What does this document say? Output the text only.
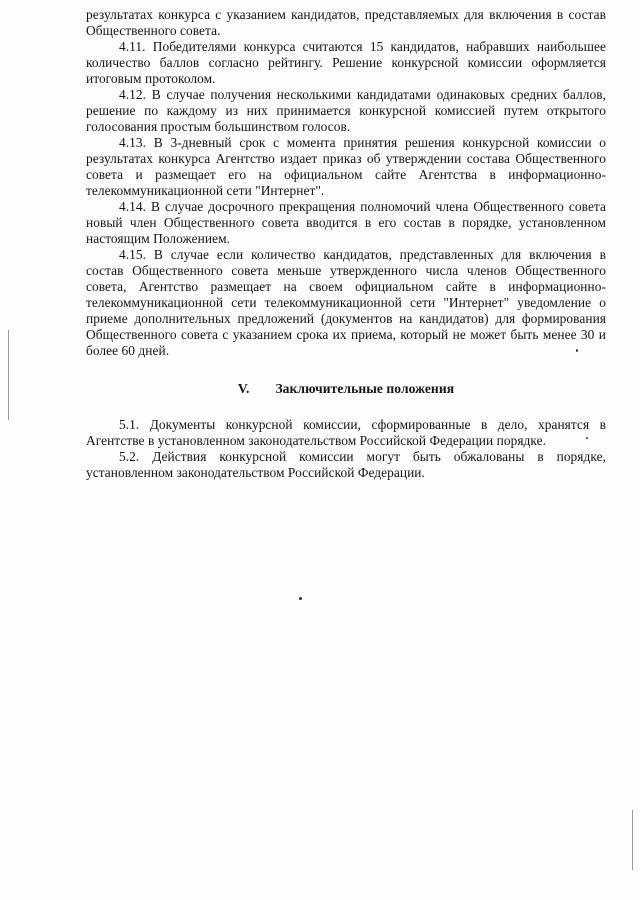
результатах конкурса с указанием кандидатов, представляемых для включения в состав Общественного совета.

4.11. Победителями конкурса считаются 15 кандидатов, набравших наибольшее количество баллов согласно рейтингу. Решение конкурсной комиссии оформляется итоговым протоколом.

4.12. В случае получения несколькими кандидатами одинаковых средних баллов, решение по каждому из них принимается конкурсной комиссией путем открытого голосования простым большинством голосов.

4.13. В 3-дневный срок с момента принятия решения конкурсной комиссии о результатах конкурса Агентство издает приказ об утверждении состава Общественного совета и размещает его на официальном сайте Агентства в информационно-телекоммуникационной сети "Интернет".

4.14. В случае досрочного прекращения полномочий члена Общественного совета новый член Общественного совета вводится в его состав в порядке, установленном настоящим Положением.

4.15. В случае если количество кандидатов, представленных для включения в состав Общественного совета меньше утвержденного числа членов Общественного совета, Агентство размещает на своем официальном сайте в информационно-телекоммуникационной сети телекоммуникационной сети "Интернет" уведомление о приеме дополнительных предложений (документов на кандидатов) для формирования Общественного совета с указанием срока их приема, который не может быть менее 30 и более 60 дней.

V. Заключительные положения

5.1. Документы конкурсной комиссии, сформированные в дело, хранятся в Агентстве в установленном законодательством Российской Федерации порядке.

5.2. Действия конкурсной комиссии могут быть обжалованы в порядке, установленном законодательством Российской Федерации.
